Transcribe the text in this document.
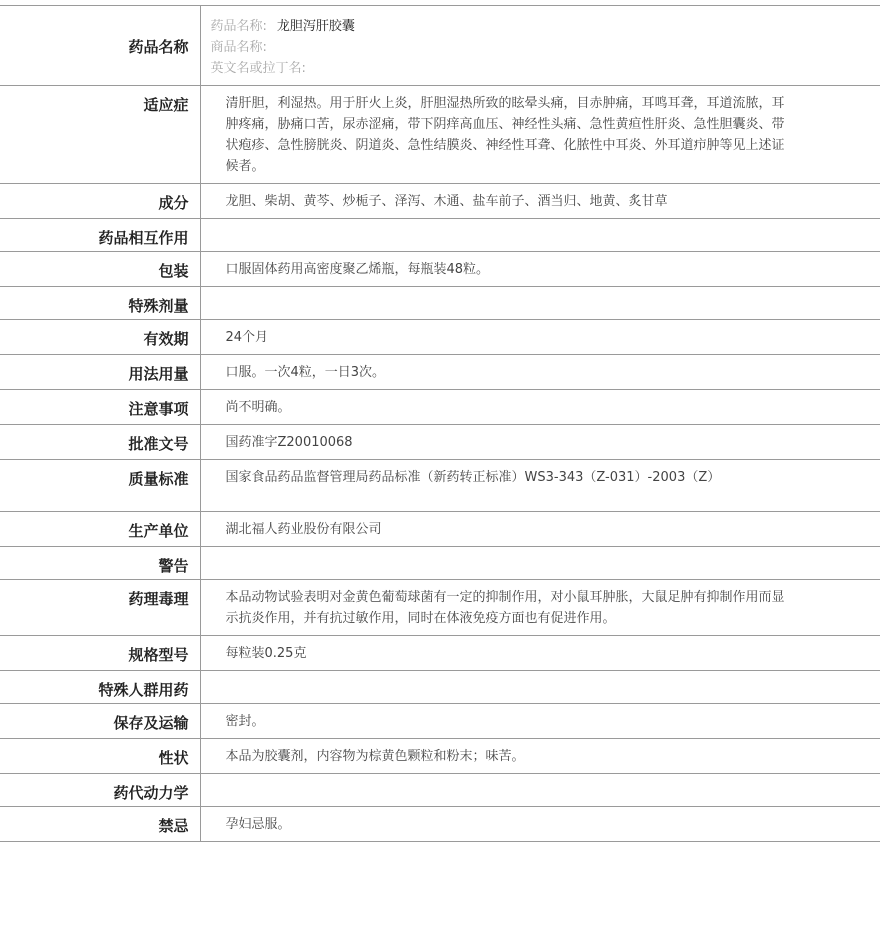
药品名称	药品名称: 龙胆泻肝胶囊
商品名称:
英文名或拉丁名:

适应症	清肝胆，利湿热。用于肝火上炎，肝胆湿热所致的眩晕头痛，目赤肿痛，耳鸣耳聋，耳道流脓，耳肿疼痛，胁痛口苦，尿赤涩痛，带下阴痒高血压、神经性头痛、急性黄疸性肝炎、急性胆囊炎、带状疱疹、急性膀胱炎、阴道炎、急性结膜炎、神经性耳聋、化脓性中耳炎、外耳道疖肿等见上述证候者。
成分	龙胆、柴胡、黄芩、炒栀子、泽泻、木通、盐车前子、酒当归、地黄、炙甘草
药品相互作用	
包装	口服固体药用高密度聚乙烯瓶，每瓶装48粒。
特殊剂量	
有效期	24个月
用法用量	口服。一次4粒，一日3次。
注意事项	尚不明确。
批准文号	国药准字Z20010068
质量标准	国家食品药品监督管理局药品标准（新药转正标准）WS3-343（Z-031）-2003（Z）
生产单位	湖北福人药业股份有限公司
警告	
药理毒理	本品动物试验表明对金黄色葡萄球菌有一定的抑制作用，对小鼠耳肿胀，大鼠足肿有抑制作用而显示抗炎作用，并有抗过敏作用，同时在体液免疫方面也有促进作用。
规格型号	每粒装0.25克
特殊人群用药	
保存及运输	密封。
性状	本品为胶囊剂，内容物为棕黄色颗粒和粉末；味苦。
药代动力学	
禁忌	孕妇忌服。
